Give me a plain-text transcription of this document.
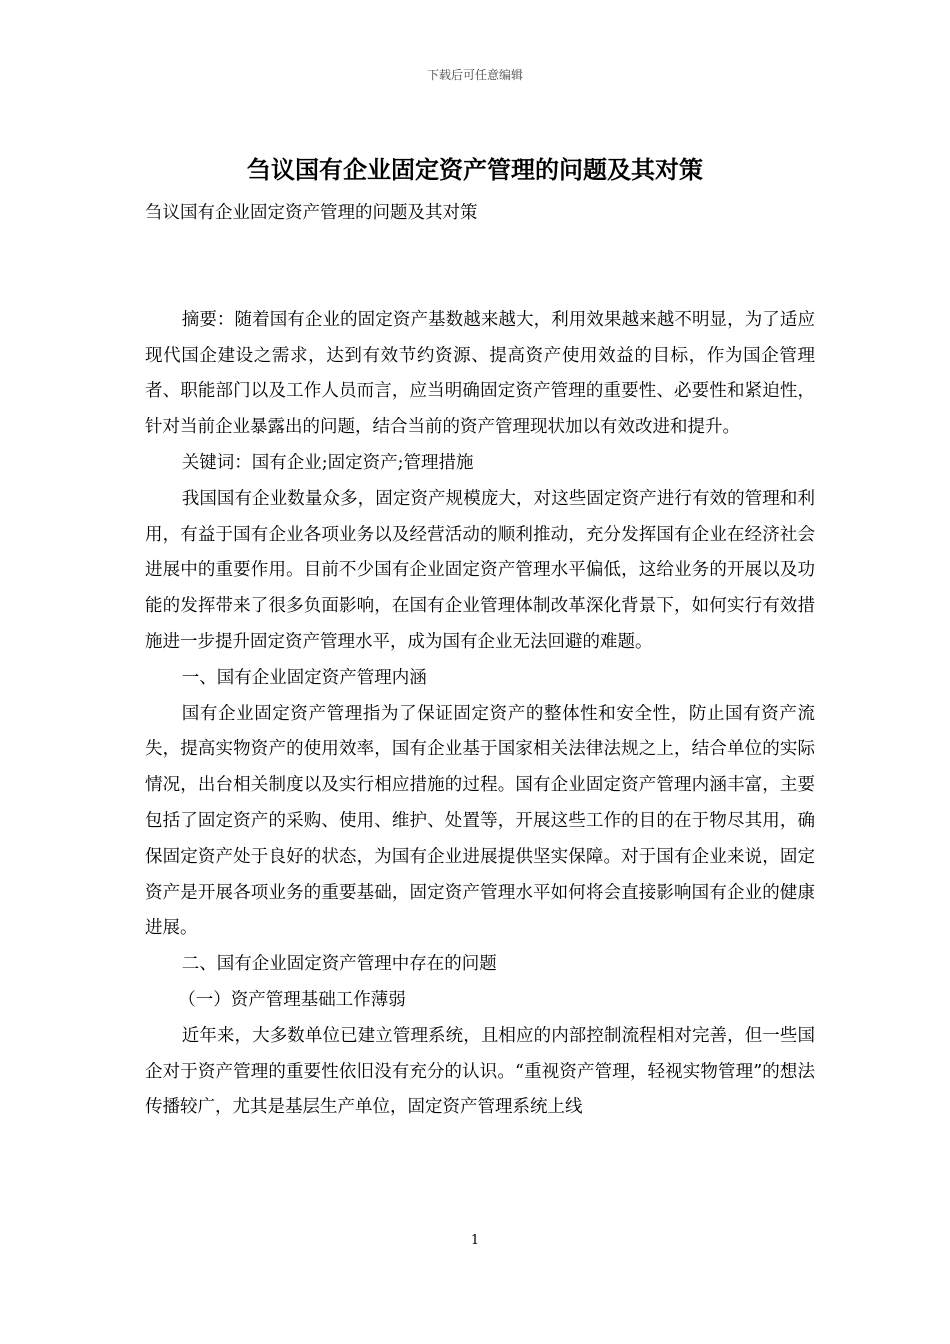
下载后可任意编辑
刍议国有企业固定资产管理的问题及其对策

刍议国有企业固定资产管理的问题及其对策

摘要：随着国有企业的固定资产基数越来越大，利用效果越来越不明显，为了适应现代国企建设之需求，达到有效节约资源、提高资产使用效益的目标，作为国企管理者、职能部门以及工作人员而言，应当明确固定资产管理的重要性、必要性和紧迫性，针对当前企业暴露出的问题，结合当前的资产管理现状加以有效改进和提升。

关键词：国有企业;固定资产;管理措施

我国国有企业数量众多，固定资产规模庞大，对这些固定资产进行有效的管理和利用，有益于国有企业各项业务以及经营活动的顺利推动，充分发挥国有企业在经济社会进展中的重要作用。目前不少国有企业固定资产管理水平偏低，这给业务的开展以及功能的发挥带来了很多负面影响，在国有企业管理体制改革深化背景下，如何实行有效措施进一步提升固定资产管理水平，成为国有企业无法回避的难题。

一、国有企业固定资产管理内涵

国有企业固定资产管理指为了保证固定资产的整体性和安全性，防止国有资产流失，提高实物资产的使用效率，国有企业基于国家相关法律法规之上，结合单位的实际情况，出台相关制度以及实行相应措施的过程。国有企业固定资产管理内涵丰富，主要包括了固定资产的采购、使用、维护、处置等，开展这些工作的目的在于物尽其用，确保固定资产处于良好的状态，为国有企业进展提供坚实保障。对于国有企业来说，固定资产是开展各项业务的重要基础，固定资产管理水平如何将会直接影响国有企业的健康进展。

二、国有企业固定资产管理中存在的问题

（一）资产管理基础工作薄弱

近年来，大多数单位已建立管理系统，且相应的内部控制流程相对完善，但一些国企对于资产管理的重要性依旧没有充分的认识。“重视资产管理，轻视实物管理”的想法传播较广，尤其是基层生产单位，固定资产管理系统上线

1
